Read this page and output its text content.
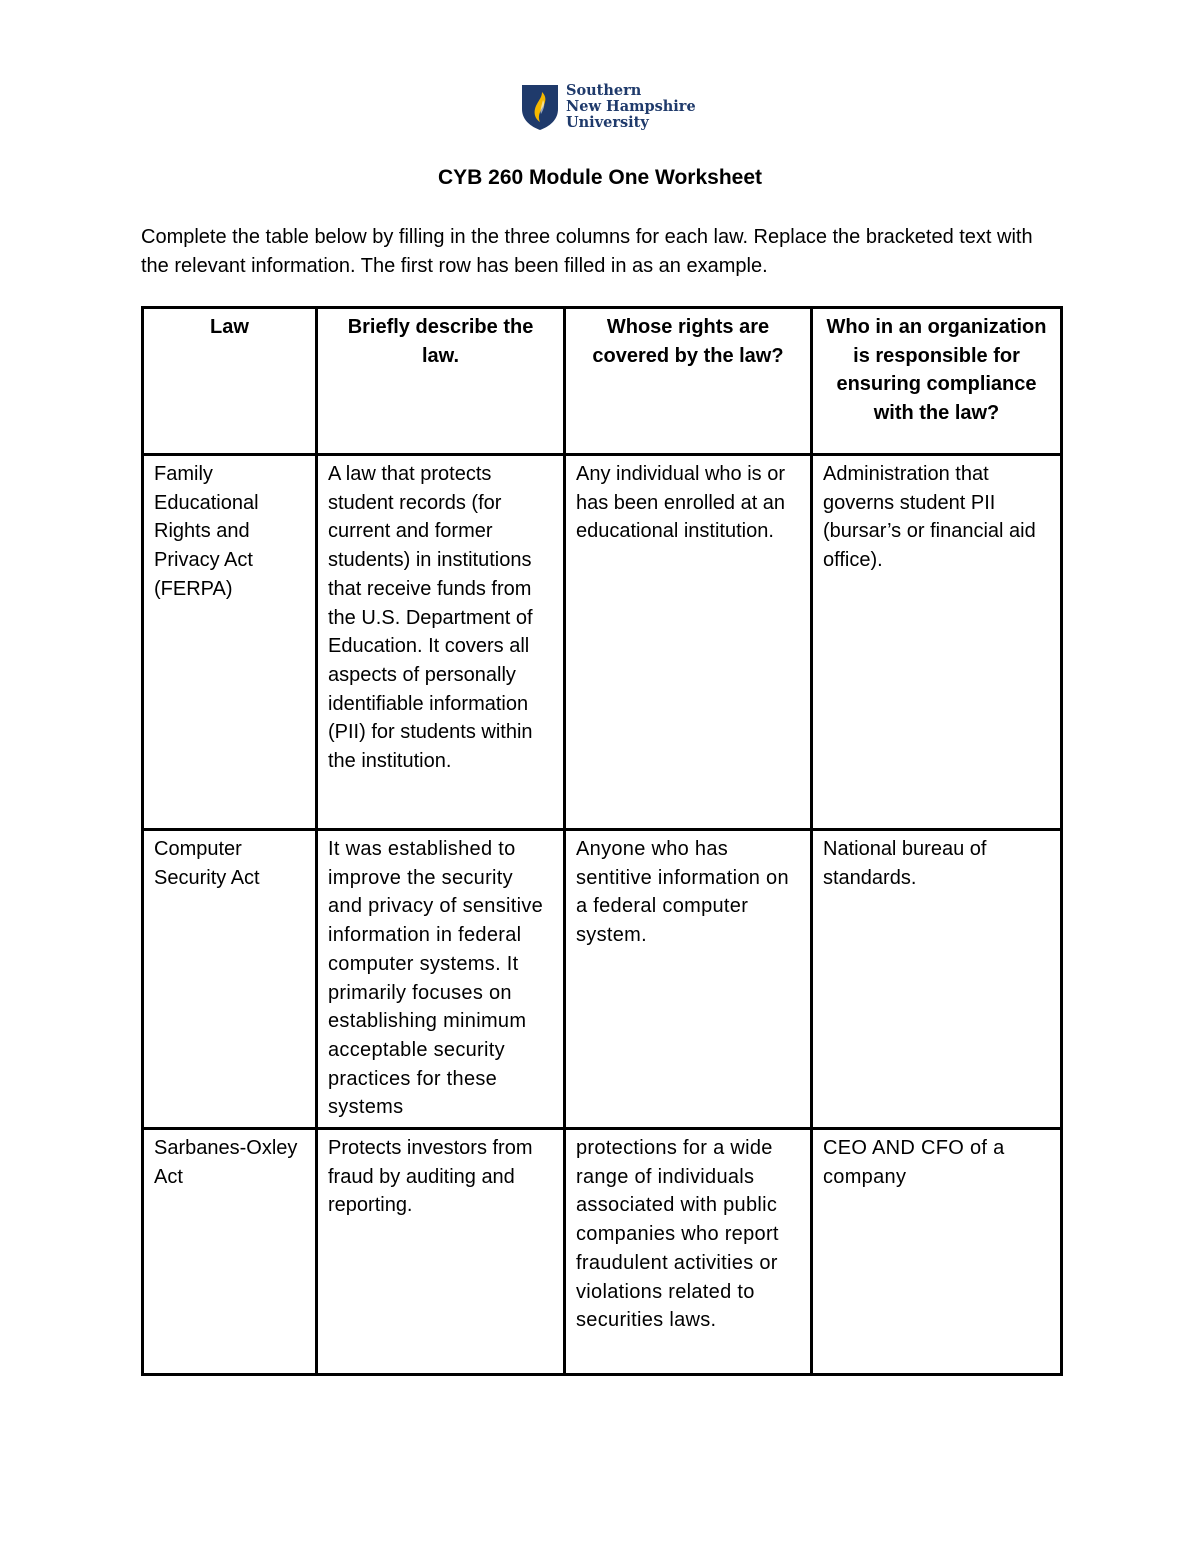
Southern
New Hampshire
University
CYB 260 Module One Worksheet
Complete the table below by filling in the three columns for each law. Replace the bracketed text with the relevant information. The first row has been filled in as an example.
Law	Briefly describe the law.	Whose rights are covered by the law?	Who in an organization is responsible for ensuring compliance with the law?
Family Educational Rights and Privacy Act (FERPA)	A law that protects student records (for current and former students) in institutions that receive funds from the U.S. Department of Education. It covers all aspects of personally identifiable information (PII) for students within the institution.	Any individual who is or has been enrolled at an educational institution.	Administration that governs student PII (bursar’s or financial aid office).
Computer Security Act	It was established to improve the security and privacy of sensitive information in federal computer systems. It primarily focuses on establishing minimum acceptable security practices for these systems	Anyone who has sentitive information on a federal computer system.	National bureau of standards.
Sarbanes-Oxley Act	Protects investors from fraud by auditing and reporting.	protections for a wide range of individuals associated with public companies who report fraudulent activities or violations related to securities laws.	CEO AND CFO of a company
